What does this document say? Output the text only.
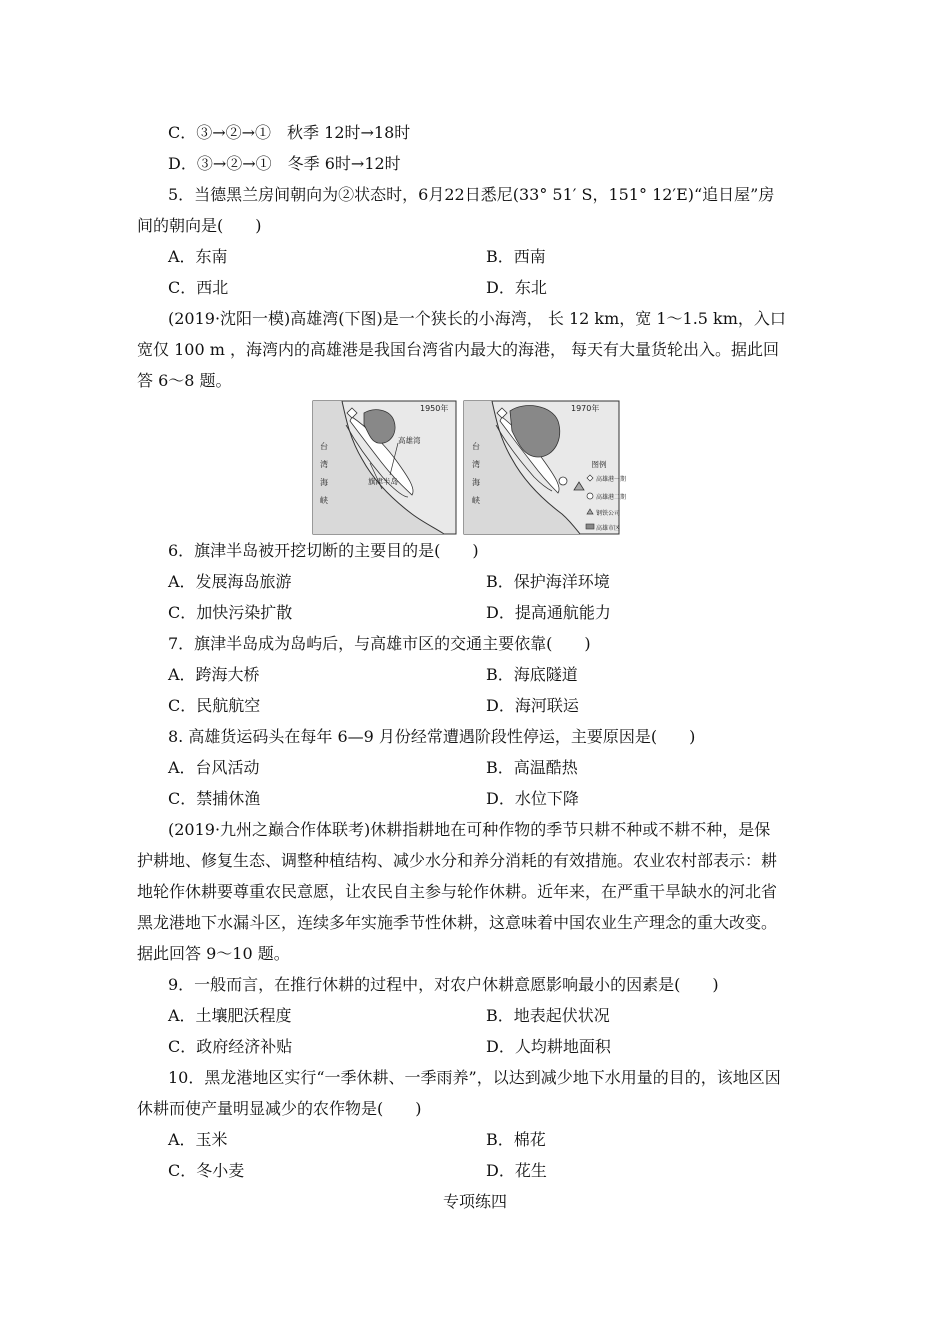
C．③→②→①　秋季 12时→18时
D．③→②→①　冬季 6时→12时
5．当德黑兰房间朝向为②状态时，6月22日悉尼(33° 51′ S，151° 12′E)“追日屋”房
间的朝向是(　　)
A．东南	B．西南
C．西北	D．东北
(2019·沈阳一模)高雄湾(下图)是一个狭长的小海湾， 长 12 km，宽 1～1.5 km，入口
宽仅 100 m ，海湾内的高雄港是我国台湾省内最大的海港， 每天有大量货轮出入。据此回
答 6～8 题。
1950年
高雄湾
旗津半岛
台
湾
海
峡
1970年
台
湾
海
峡
图例
高雄港一期
高雄港二期
钢铁公司
高雄市区
6．旗津半岛被开挖切断的主要目的是(　　)
A．发展海岛旅游	B．保护海洋环境
C．加快污染扩散	D．提高通航能力
7．旗津半岛成为岛屿后，与高雄市区的交通主要依靠(　　)
A．跨海大桥	B．海底隧道
C．民航航空	D．海河联运
8. 高雄货运码头在每年 6—9 月份经常遭遇阶段性停运，主要原因是(　　)
A．台风活动	B．高温酷热
C．禁捕休渔	D．水位下降
(2019·九州之巅合作体联考)休耕指耕地在可种作物的季节只耕不种或不耕不种，是保
护耕地、修复生态、调整种植结构、减少水分和养分消耗的有效措施。农业农村部表示：耕
地轮作休耕要尊重农民意愿，让农民自主参与轮作休耕。近年来，在严重干旱缺水的河北省
黑龙港地下水漏斗区，连续多年实施季节性休耕，这意味着中国农业生产理念的重大改变。
据此回答 9～10 题。
9．一般而言，在推行休耕的过程中，对农户休耕意愿影响最小的因素是(　　)
A．土壤肥沃程度	B．地表起伏状况
C．政府经济补贴	D．人均耕地面积
10．黑龙港地区实行“一季休耕、一季雨养”，以达到减少地下水用量的目的，该地区因
休耕而使产量明显减少的农作物是(　　)
A．玉米	B．棉花
C．冬小麦	D．花生
专项练四
